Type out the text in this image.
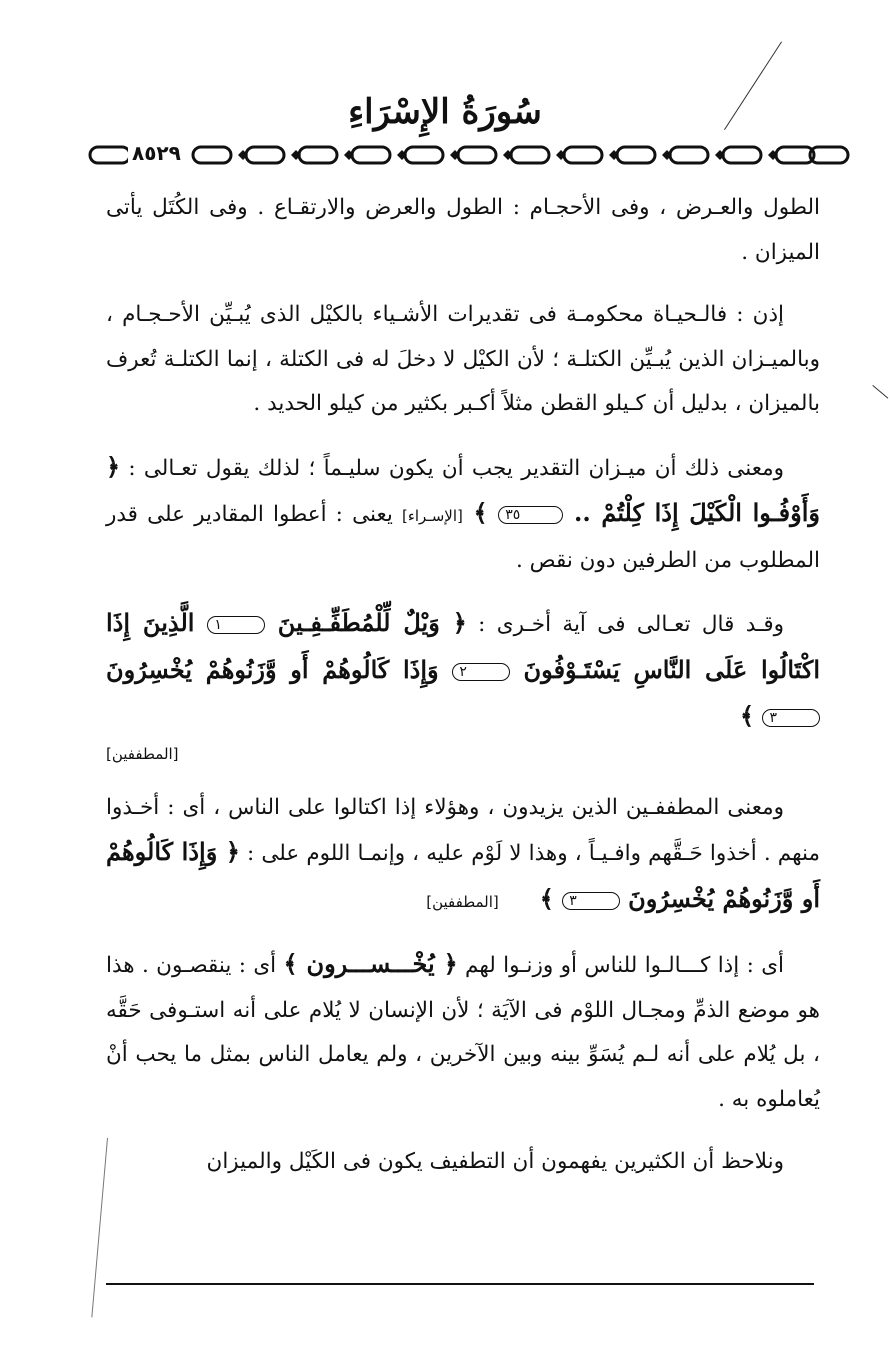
سُورَةُ الإِسْرَاءِ
٨٥٢٩

الطول والعـرض ، وفى الأحجـام : الطول والعرض والارتقـاع . وفى الكُتَل يأتى الميزان .

إذن : فالـحيـاة محكومـة فى تقديرات الأشـياء بالكيْل الذى يُبـيِّن الأحـجـام ، وبالميـزان الذين يُبـيِّن الكتلـة ؛ لأن الكيْل لا دخلَ له فى الكتلة ، إنما الكتلـة تُعرف بالميزان ، بدليل أن كـيلو القطن مثلاً أكـبر بكثير من كيلو الحديد .

ومعنى ذلك أن ميـزان التقدير يجب أن يكون سليـماً ؛ لذلك يقول تعـالى : ﴿ وَأَوْفُـوا الْكَيْلَ إِذَا كِلْتُمْ .. ٣٥ ﴾ [الإسـراء] يعنى : أعطوا المقادير على قدر المطلوب من الطرفين دون نقص .

وقـد قال تعـالى فى آية أخـرى : ﴿ وَيْلٌ لِّلْمُطَفِّـفِـينَ ١ الَّذِينَ إِذَا اكْتَالُوا عَلَى النَّاسِ يَسْتَـوْفُونَ ٢ وَإِذَا كَالُوهُمْ أَو وَّزَنُوهُمْ يُخْسِرُونَ ٣ ﴾

[المطففين]

ومعنى المطففـين الذين يزيدون ، وهؤلاء إذا اكتالوا على الناس ، أى : أخـذوا منهم . أخذوا حَـقَّهم وافـيـاً ، وهذا لا لَوْم عليه ، وإنمـا اللوم على : ﴿ وَإِذَا كَالُوهُمْ أَو وَّزَنُوهُمْ يُخْسِرُونَ ٣ ﴾      [المطففين]

أى : إذا كـــالـوا للناس أو وزنـوا لهم ﴿ يُخْـــســـرون ﴾ أى : ينقصـون . هذا هو موضع الذمِّ ومجـال اللوْم فى الآيَة ؛ لأن الإنسان لا يُلام على أنه استـوفى حَقَّه ، بل يُلام على أنه لـم يُسَوِّ بينه وبين الآخرين ، ولم يعامل الناس بمثل ما يحب أنْ يُعاملوه به .

ونلاحظ أن الكثيرين يفهمون أن التطفيف يكون فى الكَيْل والميزان
